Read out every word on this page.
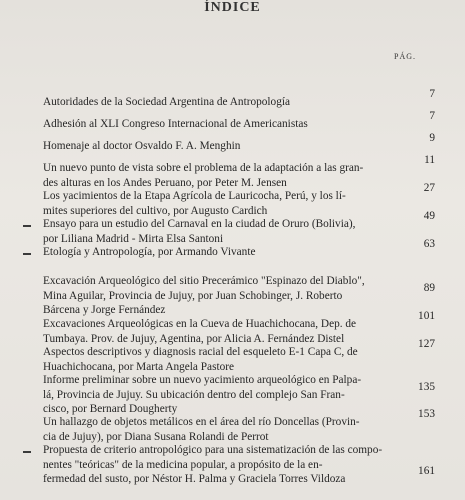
ÍNDICE
PÁG.
Autoridades de la Sociedad Argentina de Antropología
7
Adhesión al XLI Congreso Internacional de Americanistas
7
Homenaje al doctor Osvaldo F. A. Menghin
9
Un nuevo punto de vista sobre el problema de la adaptación a las gran-
des alturas en los Andes Peruano, por Peter M. Jensen
11
Los yacimientos de la Etapa Agrícola de Lauricocha, Perú, y los lí-
mites superiores del cultivo, por Augusto Cardich
27
Ensayo para un estudio del Carnaval en la ciudad de Oruro (Bolivia),
por Liliana Madrid - Mirta Elsa Santoni
49
Etología y Antropología, por Armando Vivante
63
Excavación Arqueológico del sitio Precerámico "Espinazo del Diablo",
Mina Aguilar, Provincia de Jujuy, por Juan Schobinger, J. Roberto
Bárcena y Jorge Fernández
89
Excavaciones Arqueológicas en la Cueva de Huachichocana, Dep. de
Tumbaya. Prov. de Jujuy, Agentina, por Alicia A. Fernández Distel
101
Aspectos descriptivos y diagnosis racial del esqueleto E-1 Capa C, de
Huachichocana, por Marta Angela Pastore
127
Informe preliminar sobre un nuevo yacimiento arqueológico en Palpa-
lá, Provincia de Jujuy. Su ubicación dentro del complejo San Fran-
cisco, por Bernard Dougherty
135
Un hallazgo de objetos metálicos en el área del río Doncellas (Provin-
cia de Jujuy), por Diana Susana Rolandi de Perrot
153
Propuesta de criterio antropológico para una sistematización de las compo-
nentes "teóricas" de la medicina popular, a propósito de la en-
fermedad del susto, por Néstor H. Palma y Graciela Torres Vildoza
161
